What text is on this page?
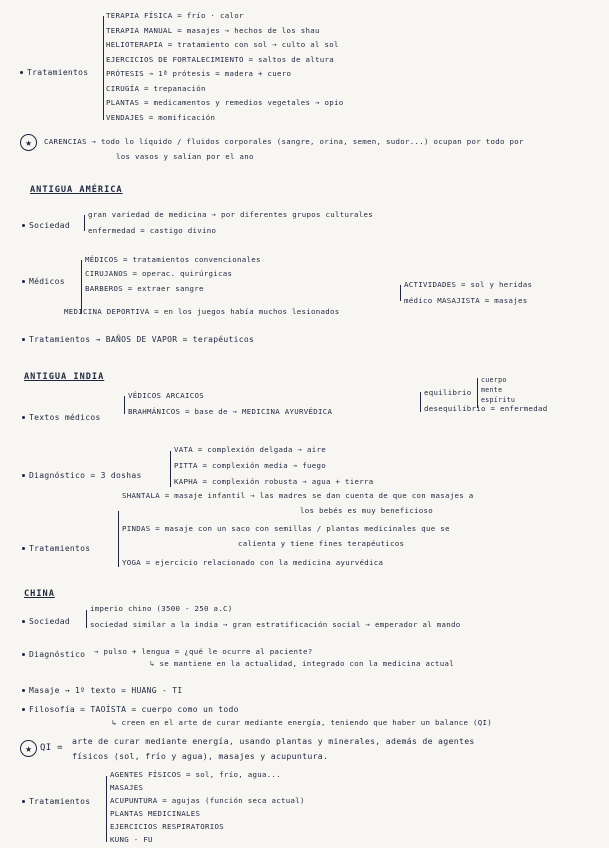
TERAPIA FÍSICA = frío · calor
TERAPIA MANUAL = masajes → hechos de los shau
HELIOTERAPIA = tratamiento con sol → culto al sol
EJERCICIOS DE FORTALECIMIENTO = saltos de altura
PRÓTESIS → 1ª prótesis = madera + cuero
CIRUGÍA = trepanación
PLANTAS = medicamentos y remedios vegetales → opio
VENDAJES = momificación
Tratamientos
★	CARENCIAS → todo lo líquido / fluidos corporales (sangre, orina, semen, sudor...) ocupan por todo por
los vasos y salían por el ano
ANTIGUA AMÉRICA
gran variedad de medicina → por diferentes grupos culturales
enfermedad = castigo divino
Sociedad
MÉDICOS = tratamientos convencionales
CIRUJANOS = operac. quirúrgicas
BARBEROS = extraer sangre
MEDICINA DEPORTIVA = en los juegos había muchos lesionados
ACTIVIDADES = sol y heridas
médico MASAJISTA = masajes
Médicos
Tratamientos → BAÑOS DE VAPOR = terapéuticos
ANTIGUA INDIA
VÉDICOS ARCAICOS
BRAHMÁNICOS = base de → MEDICINA AYURVÉDICA
equilibrio
cuerpo
mente
espíritu
desequilibrio = enfermedad
Textos médicos
VATA = complexión delgada → aire
PITTA = complexión media → fuego
KAPHA = complexión robusta → agua + tierra
Diagnóstico = 3 doshas
SHANTALA = masaje infantil → las madres se dan cuenta de que con masajes a
los bebés es muy beneficioso
PINDAS = masaje con un saco con semillas / plantas medicinales que se
calienta y tiene fines terapéuticos
YOGA = ejercicio relacionado con la medicina ayurvédica
Tratamientos
CHINA
imperio chino (3500 - 250 a.C)
sociedad similar a la india → gran estratificación social → emperador al mando
Sociedad
Diagnóstico → pulso + lengua = ¿qué le ocurre al paciente?
↳ se mantiene en la actualidad, integrado con la medicina actual
Masaje → 1º texto = HUANG - TI
Filosofía = TAOÍSTA = cuerpo como un todo
↳ creen en el arte de curar mediante energía, teniendo que haber un balance (QI)
★ QI =
arte de curar mediante energía, usando plantas y minerales, además de agentes
físicos (sol, frío y agua), masajes y acupuntura.
AGENTES FÍSICOS = sol, frío, agua...
MASAJES
ACUPUNTURA = agujas (función seca actual)
PLANTAS MEDICINALES
EJERCICIOS RESPIRATORIOS
KUNG - FU
Tratamientos
